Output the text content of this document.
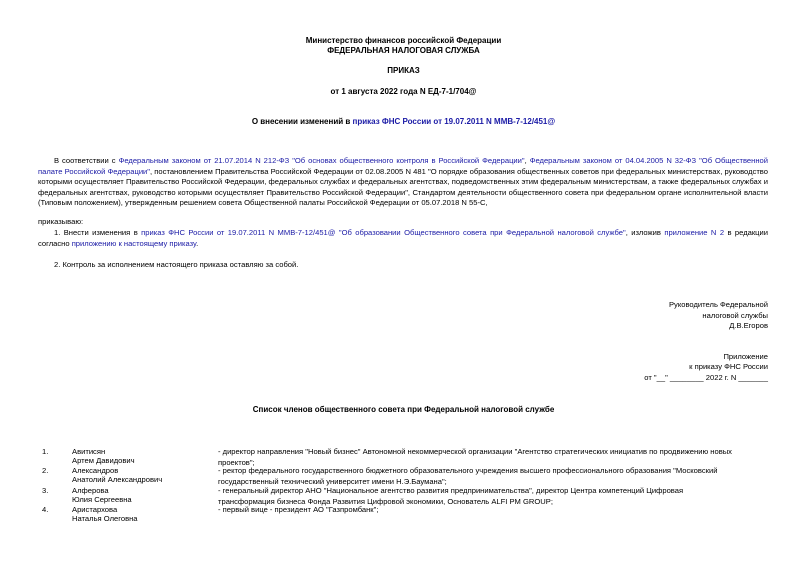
Министерство финансов российской Федерации
ФЕДЕРАЛЬНАЯ НАЛОГОВАЯ СЛУЖБА
ПРИКАЗ
от 1 августа 2022 года N ЕД-7-1/704@
О внесении изменений в приказ ФНС России от 19.07.2011 N ММВ-7-12/451@
В соответствии с Федеральным законом от 21.07.2014 N 212-ФЗ "Об основах общественного контроля в Российской Федерации", Федеральным законом от 04.04.2005 N 32-ФЗ "Об Общественной палате Российской Федерации", постановлением Правительства Российской Федерации от 02.08.2005 N 481 "О порядке образования общественных советов при федеральных министерствах, руководство которыми осуществляет Правительство Российской Федерации, федеральных службах и федеральных агентствах, подведомственных этим федеральным министерствам, а также федеральных службах и федеральных агентствах, руководство которыми осуществляет Правительство Российской Федерации", Стандартом деятельности общественного совета при федеральном органе исполнительной власти (Типовым положением), утвержденным решением совета Общественной палаты Российской Федерации от 05.07.2018 N 55-С,
приказываю:
1. Внести изменения в приказ ФНС России от 19.07.2011 N ММВ-7-12/451@ "Об образовании Общественного совета при Федеральной налоговой службе", изложив приложение N 2 в редакции согласно приложению к настоящему приказу.
2. Контроль за исполнением настоящего приказа оставляю за собой.
Руководитель Федеральной
налоговой службы
Д.В.Егоров
Приложение
к приказу ФНС России
от "__" ________ 2022 г. N _______
Список членов общественного совета при Федеральной налоговой службе
1.	Авитисян
Артем Давидович
- директор направления "Новый бизнес" Автономной некоммерческой организации "Агентство стратегических инициатив по продвижению новых проектов";
2.	Александров
Анатолий Александрович
- ректор федерального государственного бюджетного образовательного учреждения высшего профессионального образования "Московский государственный технический университет имени Н.Э.Баумана";
3.	Алферова
Юлия Сергеевна
- генеральный директор АНО "Национальное агентство развития предпринимательства", директор Центра компетенций Цифровая трансформация бизнеса Фонда Развития Цифровой экономики, Основатель ALFI PM GROUP;
4.	Аристархова
Наталья Олеговна
- первый вице - президент АО "Газпромбанк";
